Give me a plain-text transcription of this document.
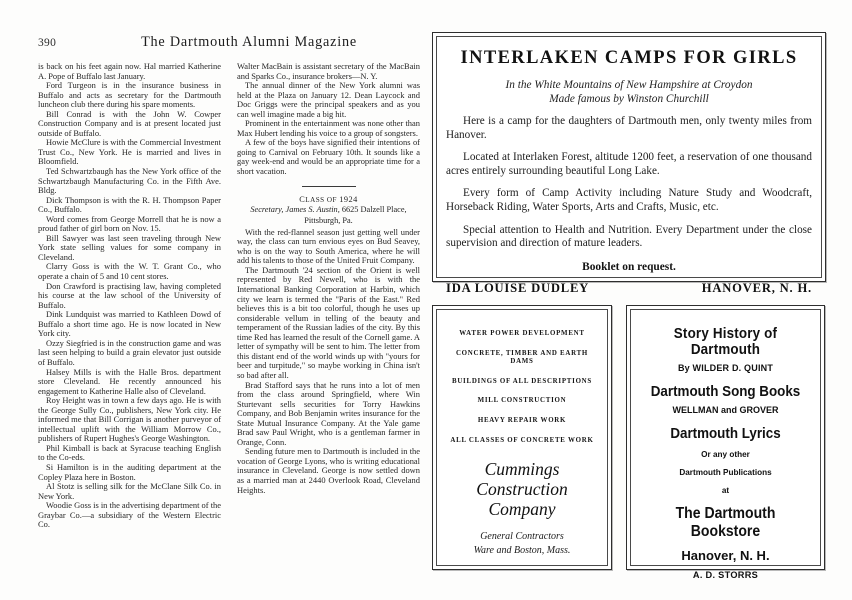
390	The Dartmouth Alumni Magazine

is back on his feet again now. Hal married Katherine A. Pope of Buffalo last January.

Ford Turgeon is in the insurance business in Buffalo and acts as secretary for the Dartmouth luncheon club there during his spare moments.

Bill Conrad is with the John W. Cowper Construction Company and is at present located just outside of Buffalo.

Howie McClure is with the Commercial Investment Trust Co., New York. He is married and lives in Bloomfield.

Ted Schwartzbaugh has the New York office of the Schwartzbaugh Manufacturing Co. in the Fifth Ave. Bldg.

Dick Thompson is with the R. H. Thompson Paper Co., Buffalo.

Word comes from George Morrell that he is now a proud father of girl born on Nov. 15.

Bill Sawyer was last seen traveling through New York state selling values for some company in Cleveland.

Clarry Goss is with the W. T. Grant Co., who operate a chain of 5 and 10 cent stores.

Don Crawford is practising law, having completed his course at the law school of the University of Buffalo.

Dink Lundquist was married to Kathleen Dowd of Buffalo a short time ago. He is now located in New York city.

Ozzy Siegfried is in the construction game and was last seen helping to build a grain elevator just outside of Buffalo.

Halsey Mills is with the Halle Bros. department store Cleveland. He recently announced his engagement to Katherine Halle also of Cleveland.

Roy Height was in town a few days ago. He is with the George Sully Co., publishers, New York city. He informed me that Bill Corrigan is another purveyor of intellectual uplift with the William Morrow Co., publishers of Rupert Hughes's George Washington.

Phil Kimball is back at Syracuse teaching English to the Co-eds.

Si Hamilton is in the auditing department at the Copley Plaza here in Boston.

Al Stotz is selling silk for the McClane Silk Co. in New York.

Woodie Goss is in the advertising department of the Graybar Co.—a subsidiary of the Western Electric Co.

Walter MacBain is assistant secretary of the MacBain and Sparks Co., insurance brokers—N. Y.

The annual dinner of the New York alumni was held at the Plaza on January 12. Dean Laycock and Doc Griggs were the principal speakers and as you can well imagine made a big hit.

Prominent in the entertainment was none other than Max Hubert lending his voice to a group of songsters.

A few of the boys have signified their intentions of going to Carnival on February 10th. It sounds like a gay week-end and would be an appropriate time for a short vacation.

CLASS OF 1924
Secretary, James S. Austin, 6625 Dalzell Place,
Pittsburgh, Pa.

With the red-flannel season just getting well under way, the class can turn envious eyes on Bud Seavey, who is on the way to South America, where he will add his talents to those of the United Fruit Company.

The Dartmouth '24 section of the Orient is well represented by Red Newell, who is with the International Banking Corporation at Harbin, which city we learn is termed the "Paris of the East." Red believes this is a bit too colorful, though he uses up considerable vellum in telling of the beauty and temperament of the Russian ladies of the city. By this time Red has learned the result of the Cornell game. A letter of sympathy will be sent to him. The letter from this distant end of the world winds up with "yours for beer and turpitude," so maybe working in China isn't so bad after all.

Brad Stafford says that he runs into a lot of men from the class around Springfield, where Win Sturtevant sells securities for Torry Hawkins Company, and Bob Benjamin writes insurance for the State Mutual Insurance Company. At the Yale game Brad saw Paul Wright, who is a gentleman farmer in Orange, Conn.

Sending future men to Dartmouth is included in the vocation of George Lyons, who is writing educational insurance in Cleveland. George is now settled down as a married man at 2440 Overlook Road, Cleveland Heights.

INTERLAKEN CAMPS FOR GIRLS
In the White Mountains of New Hampshire at Croydon
Made famous by Winston Churchill

Here is a camp for the daughters of Dartmouth men, only twenty miles from Hanover.

Located at Interlaken Forest, altitude 1200 feet, a reservation of one thousand acres entirely surrounding beautiful Long Lake.

Every form of Camp Activity including Nature Study and Woodcraft, Horseback Riding, Water Sports, Arts and Crafts, Music, etc.

Special attention to Health and Nutrition. Every Department under the close supervision and direction of mature leaders.

Booklet on request.
IDA LOUISE DUDLEY	HANOVER, N. H.
WATER POWER DEVELOPMENT
CONCRETE, TIMBER AND EARTH DAMS
BUILDINGS OF ALL DESCRIPTIONS
MILL CONSTRUCTION
HEAVY REPAIR WORK
ALL CLASSES OF CONCRETE WORK
Cummings
Construction
Company
General Contractors
Ware and Boston, Mass.
Story History of Dartmouth
By WILDER D. QUINT
Dartmouth Song Books
WELLMAN and GROVER
Dartmouth Lyrics
Or any other
Dartmouth Publications
at
The Dartmouth Bookstore
Hanover, N. H.
A. D. STORRS
